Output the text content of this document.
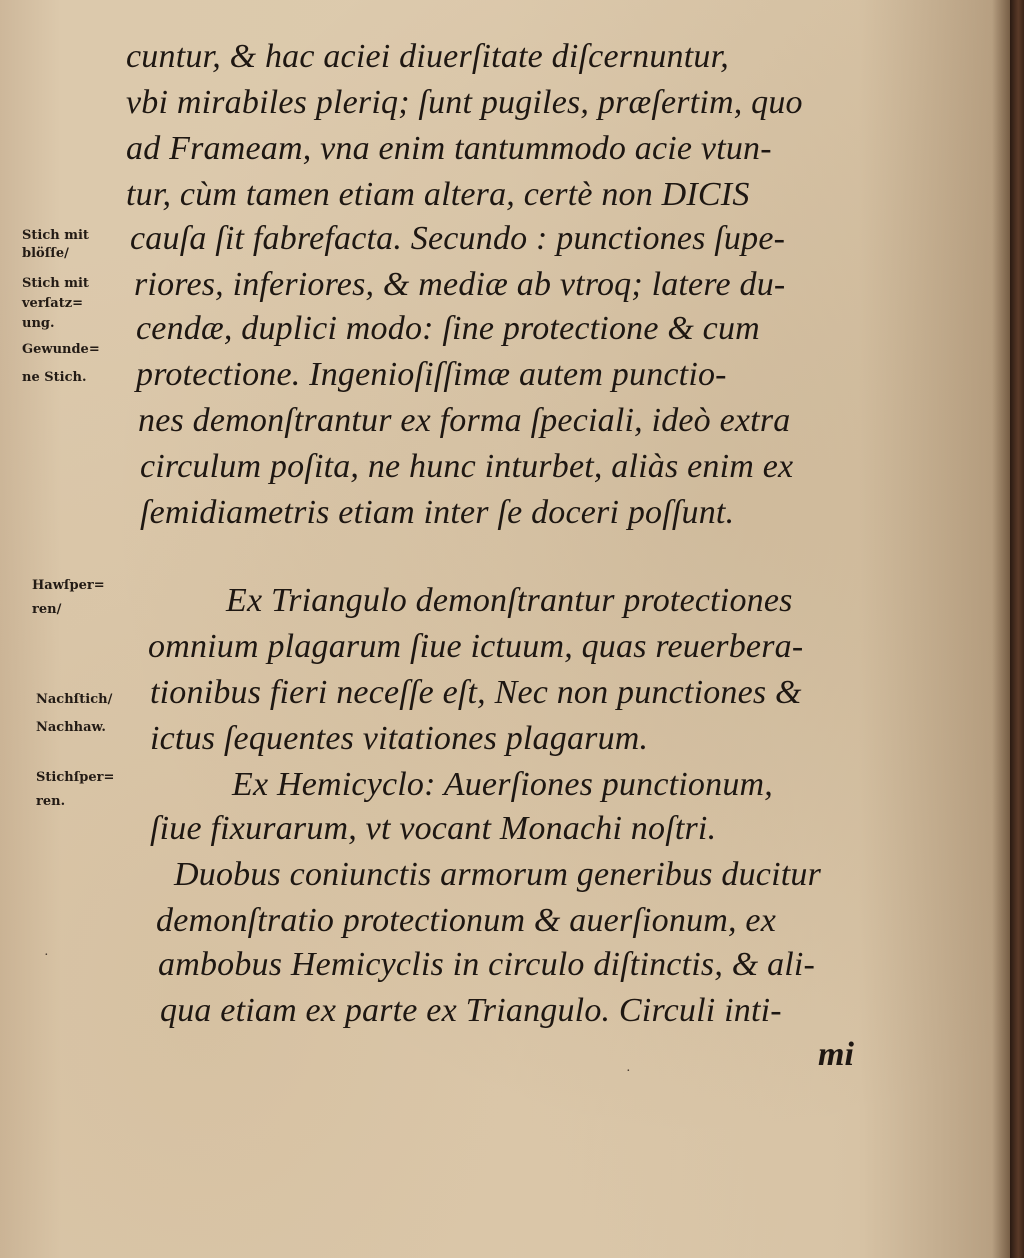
cuntur, & hac aciei diuerſitate diſcernuntur,
vbi mirabiles pleriq; ſunt pugiles, præſertim, quo
ad Frameam, vna enim tantummodo acie vtun-
tur, cùm tamen etiam altera, certè non DICIS
cauſa ſit fabrefacta. Secundo : punctiones ſupe-
riores, inferiores, & mediæ ab vtroq; latere du-
cendæ, duplici modo: ſine protectione & cum
protectione. Ingenioſiſſimæ autem punctio-
nes demonſtrantur ex forma ſpeciali, ideò extra
circulum poſita, ne hunc inturbet, aliàs enim ex
ſemidiametris etiam inter ſe doceri poſſunt.
Ex Triangulo demonſtrantur protectiones
omnium plagarum ſiue ictuum, quas reuerbera-
tionibus fieri neceſſe eſt, Nec non punctiones &
ictus ſequentes vitationes plagarum.
Ex Hemicyclo: Auerſiones punctionum,
ſiue fixurarum, vt vocant Monachi noſtri.
Duobus coniunctis armorum generibus ducitur
demonſtratio protectionum & auerſionum, ex
ambobus Hemicyclis in circulo diſtinctis, & ali-
qua etiam ex parte ex Triangulo. Circuli inti-
mi
Stich mit
blöſſe/
Stich mit
verſatz=
ung.
Gewunde=
ne Stich.
Hawſper=
ren/
Nachſtich/
Nachhaw.
Stichſper=
ren.
·
·
